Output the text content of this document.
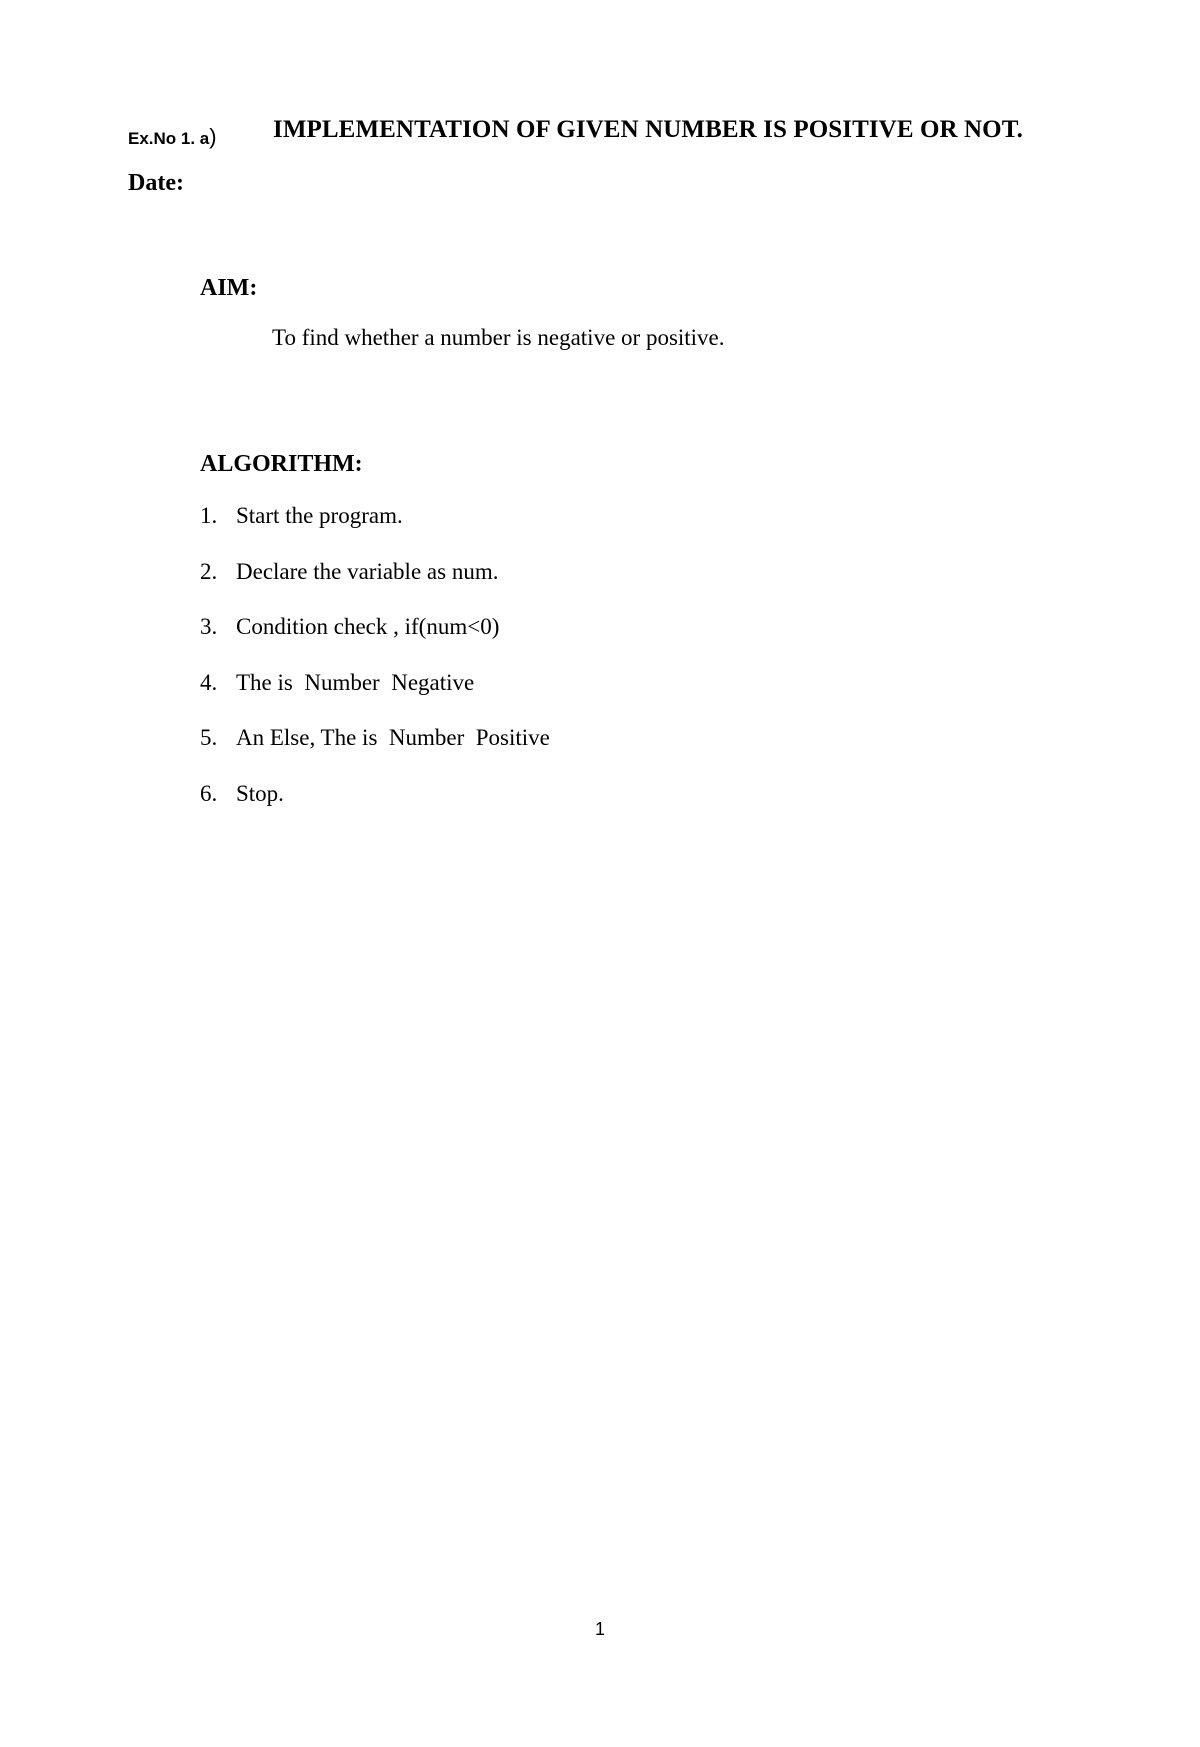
Ex.No 1. a) IMPLEMENTATION OF GIVEN NUMBER IS POSITIVE OR NOT.
Date:
AIM:
To find whether a number is negative or positive.
ALGORITHM:
1. Start the program.
2. Declare the variable as num.
3. Condition check , if(num<0)
4. The is  Number  Negative
5. An Else, The is  Number  Positive
6. Stop.
1
